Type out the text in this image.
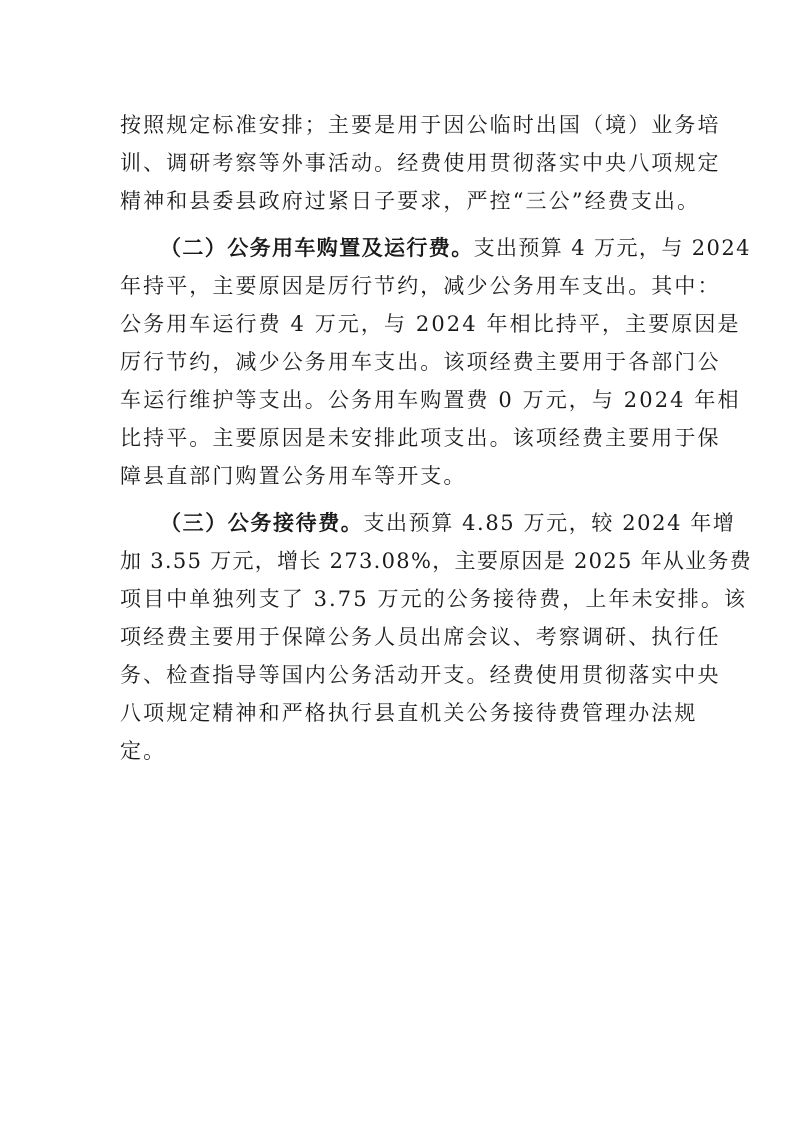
按照规定标准安排；主要是用于因公临时出国（境）业务培
训、调研考察等外事活动。经费使用贯彻落实中央八项规定
精神和县委县政府过紧日子要求，严控“三公”经费支出。
（二）公务用车购置及运行费。支出预算 4 万元，与 2024
年持平，主要原因是厉行节约，减少公务用车支出。其中：
公务用车运行费 4 万元，与 2024 年相比持平，主要原因是
厉行节约，减少公务用车支出。该项经费主要用于各部门公
车运行维护等支出。公务用车购置费 0 万元，与 2024 年相
比持平。主要原因是未安排此项支出。该项经费主要用于保
障县直部门购置公务用车等开支。
（三）公务接待费。支出预算 4.85 万元，较 2024 年增
加 3.55 万元，增长 273.08%，主要原因是 2025 年从业务费
项目中单独列支了 3.75 万元的公务接待费，上年未安排。该
项经费主要用于保障公务人员出席会议、考察调研、执行任
务、检查指导等国内公务活动开支。经费使用贯彻落实中央
八项规定精神和严格执行县直机关公务接待费管理办法规
定。
